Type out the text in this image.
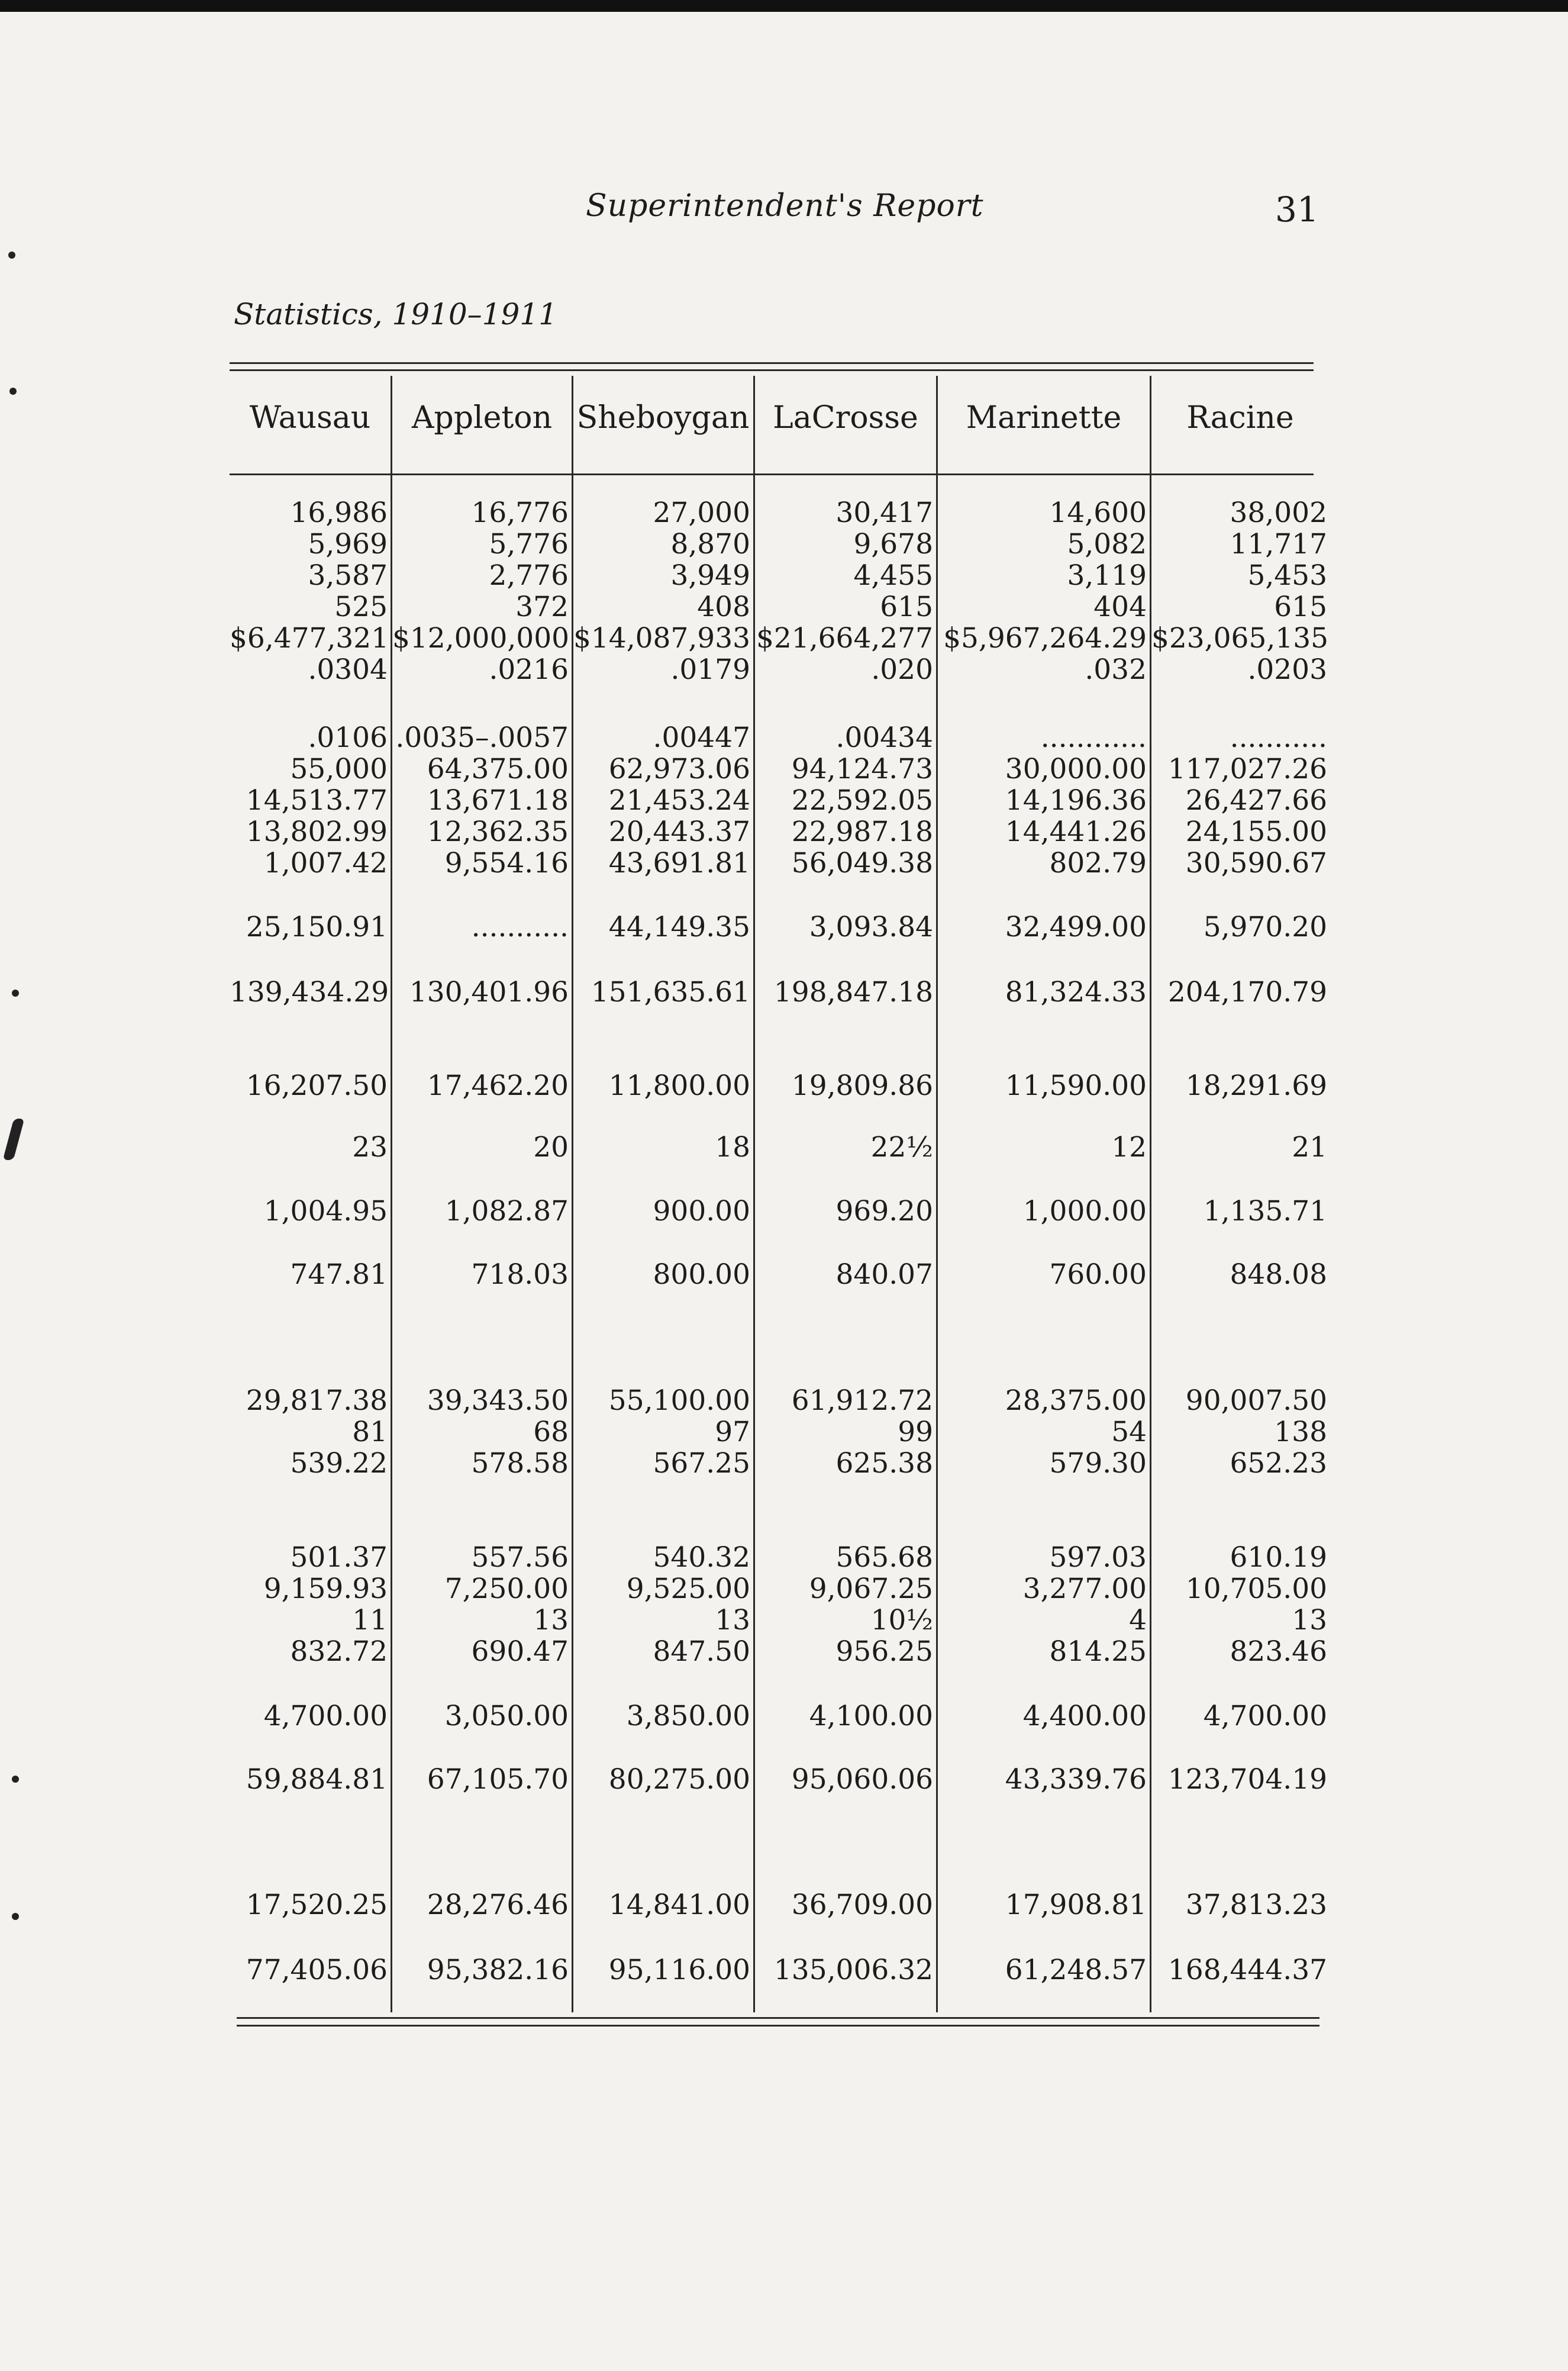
Superintendent's Report	31
Statistics, 1910–1911
Wausau	Appleton Sheboygan LaCrosse	Marinette	Racine
16,986	16,776	27,000	30,417	14,600	38,002
5,969	5,776	8,870	9,678	5,082	11,717
3,587	2,776	3,949	4,455	3,119	5,453
525	372	408	615	404	615
$6,477,321 $12,000,000 $14,087,933 $21,664,277 $5,967,264.29 $23,065,135
.0304	.0216	.0179	.020	.032	.0203
.0106 .0035–.0057	.00447	.00434	............	...........
55,000	64,375.00	62,973.06	94,124.73	30,000.00 117,027.26
14,513.77	13,671.18	21,453.24	22,592.05	14,196.36	26,427.66
13,802.99	12,362.35	20,443.37	22,987.18	14,441.26	24,155.00
1,007.42	9,554.16	43,691.81	56,049.38	802.79	30,590.67
25,150.91	...........	44,149.35	3,093.84	32,499.00	5,970.20
139,434.29 130,401.96 151,635.61 198,847.18	81,324.33 204,170.79
16,207.50	17,462.20	11,800.00	19,809.86	11,590.00	18,291.69
23	20	18	22½	12	21
1,004.95	1,082.87	900.00	969.20	1,000.00	1,135.71
747.81	718.03	800.00	840.07	760.00	848.08
29,817.38	39,343.50	55,100.00	61,912.72	28,375.00	90,007.50
81	68	97	99	54	138
539.22	578.58	567.25	625.38	579.30	652.23
501.37	557.56	540.32	565.68	597.03	610.19
9,159.93	7,250.00	9,525.00	9,067.25	3,277.00	10,705.00
11	13	13	10½	4	13
832.72	690.47	847.50	956.25	814.25	823.46
4,700.00	3,050.00	3,850.00	4,100.00	4,400.00	4,700.00
59,884.81	67,105.70	80,275.00	95,060.06	43,339.76 123,704.19
17,520.25	28,276.46	14,841.00	36,709.00	17,908.81	37,813.23
77,405.06	95,382.16	95,116.00 135,006.32	61,248.57 168,444.37
